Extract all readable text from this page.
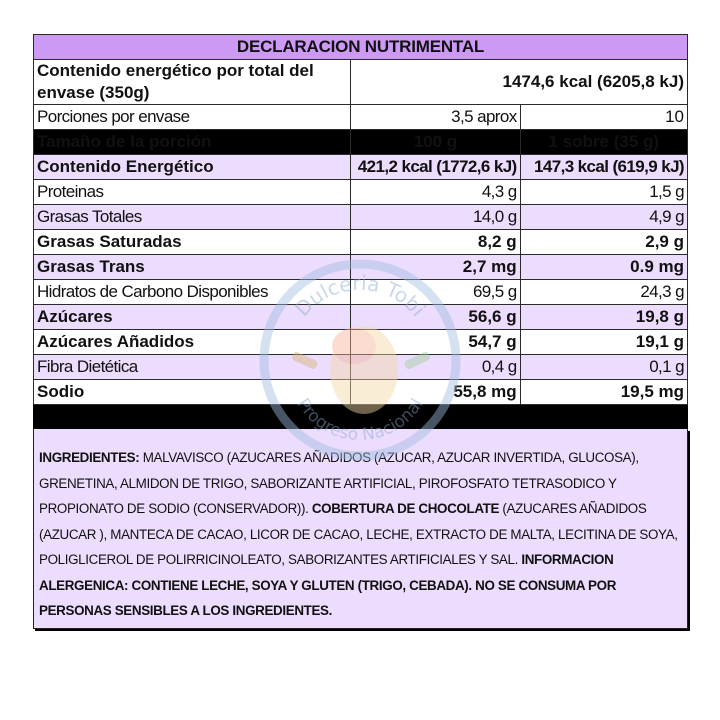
DECLARACION NUTRIMENTAL		
Contenido energético por total del envase (350g)	1474,6 kcal (6205,8 kJ)	
Porciones por envase	3,5 aprox	10
Tamaño de la porción	100 g	1 sobre (35 g)
Contenido Energético	421,2 kcal (1772,6 kJ)	147,3 kcal (619,9 kJ)
Proteinas	4,3 g	1,5 g
Grasas Totales	14,0 g	4,9 g
Grasas Saturadas	8,2 g	2,9 g
Grasas Trans	2,7 mg	0.9 mg
Hidratos de Carbono Disponibles	69,5 g	24,3 g
Azúcares	56,6 g	19,8 g
Azúcares Añadidos	54,7 g	19,1 g
Fibra Dietética	0,4 g	0,1 g
Sodio	55,8 mg	19,5 mg
INGREDIENTES: MALVAVISCO (AZUCARES AÑADIDOS (AZUCAR, AZUCAR INVERTIDA, GLUCOSA), GRENETINA, ALMIDON DE TRIGO, SABORIZANTE ARTIFICIAL, PIROFOSFATO TETRASODICO Y PROPIONATO DE SODIO (CONSERVADOR)). COBERTURA DE CHOCOLATE (AZUCARES AÑADIDOS (AZUCAR ), MANTECA DE CACAO, LICOR DE CACAO, LECHE, EXTRACTO DE MALTA, LECITINA DE SOYA, POLIGLICEROL DE POLIRRICINOLEATO, SABORIZANTES ARTIFICIALES Y SAL. INFORMACION ALERGENICA: CONTIENE LECHE, SOYA Y GLUTEN (TRIGO, CEBADA). NO SE CONSUMA POR PERSONAS SENSIBLES A LOS INGREDIENTES.
Dulceria Tobi
Progreso Nacional
